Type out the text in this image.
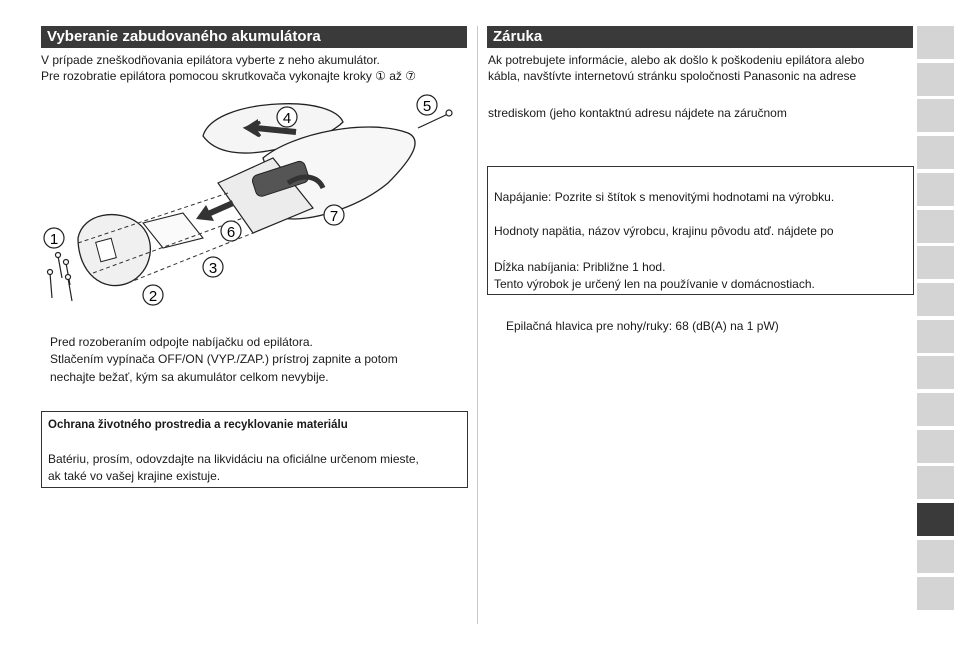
Vyberanie zabudovaného akumulátora
V prípade zneškodňovania epilátora vyberte z neho akumulátor.
Pre rozobratie epilátora pomocou skrutkovača vykonajte kroky ① až ⑦
1
2
3
4
5
6
7
Pred rozoberaním odpojte nabíjačku od epilátora.
Stlačením vypínača OFF/ON (VYP./ZAP.) prístroj zapnite a potom
nechajte bežať, kým sa akumulátor celkom nevybije.
Ochrana životného prostredia a recyklovanie materiálu
Batériu, prosím, odovzdajte na likvidáciu na oficiálne určenom mieste,
ak také vo vašej krajine existuje.
Záruka
Ak potrebujete informácie, alebo ak došlo k poškodeniu epilátora alebo
kábla, navštívte internetovú stránku spoločnosti Panasonic na adrese
strediskom (jeho kontaktnú adresu nájdete na záručnom
Napájanie: Pozrite si štítok s menovitými hodnotami na výrobku.
Hodnoty napätia, názov výrobcu, krajinu pôvodu atď. nájdete po
Dĺžka nabíjania: Približne 1 hod.
Tento výrobok je určený len na používanie v domácnostiach.
Epilačná hlavica pre nohy/ruky: 68 (dB(A) na 1 pW)
